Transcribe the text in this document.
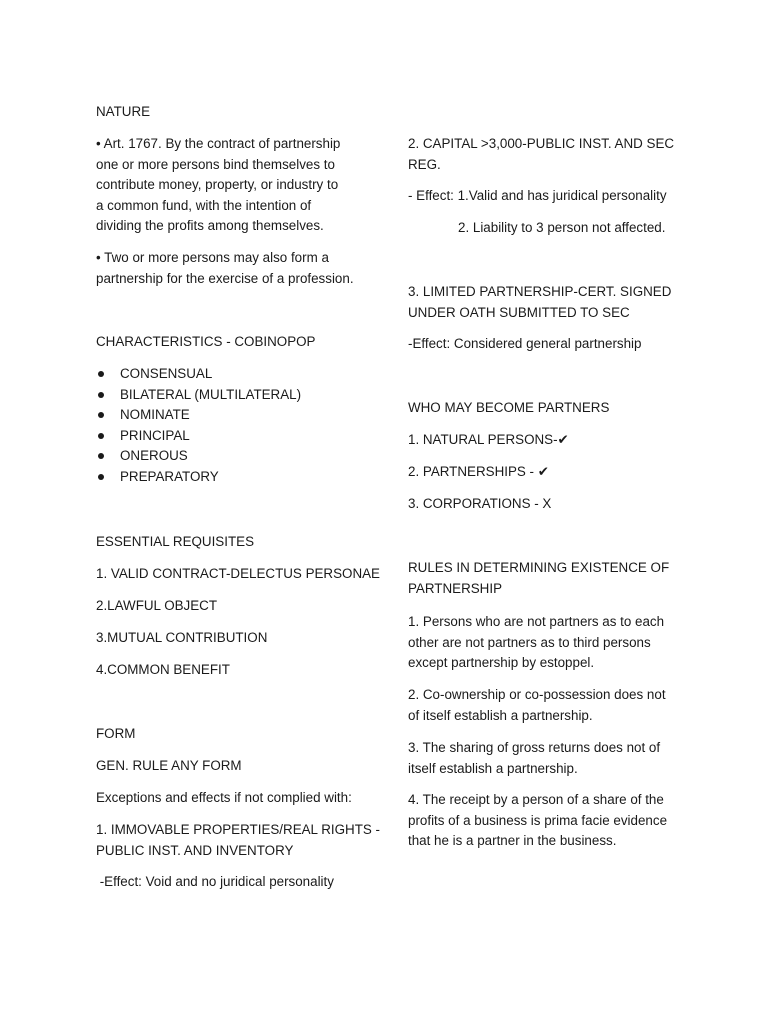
NATURE
• Art. 1767. By the contract of partnership
one or more persons bind themselves to
contribute money, property, or industry to
a common fund, with the intention of
dividing the profits among themselves.
• Two or more persons may also form a
partnership for the exercise of a profession.
CHARACTERISTICS - COBINOPOP
CONSENSUAL
BILATERAL (MULTILATERAL)
NOMINATE
PRINCIPAL
ONEROUS
PREPARATORY
ESSENTIAL REQUISITES
1. VALID CONTRACT-DELECTUS PERSONAE
2.LAWFUL OBJECT
3.MUTUAL CONTRIBUTION
4.COMMON BENEFIT
FORM
GEN. RULE ANY FORM
Exceptions and effects if not complied with:
1. IMMOVABLE PROPERTIES/REAL RIGHTS -
PUBLIC INST. AND INVENTORY
-Effect: Void and no juridical personality
2. CAPITAL >3,000-PUBLIC INST. AND SEC
REG.
- Effect: 1.Valid and has juridical personality
2. Liability to 3 person not affected.
3. LIMITED PARTNERSHIP-CERT. SIGNED
UNDER OATH SUBMITTED TO SEC
-Effect: Considered general partnership
WHO MAY BECOME PARTNERS
1. NATURAL PERSONS-✔
2. PARTNERSHIPS - ✔
3. CORPORATIONS - X
RULES IN DETERMINING EXISTENCE OF
PARTNERSHIP
1. Persons who are not partners as to each
other are not partners as to third persons
except partnership by estoppel.
2. Co-ownership or co-possession does not
of itself establish a partnership.
3. The sharing of gross returns does not of
itself establish a partnership.
4. The receipt by a person of a share of the
profits of a business is prima facie evidence
that he is a partner in the business.
